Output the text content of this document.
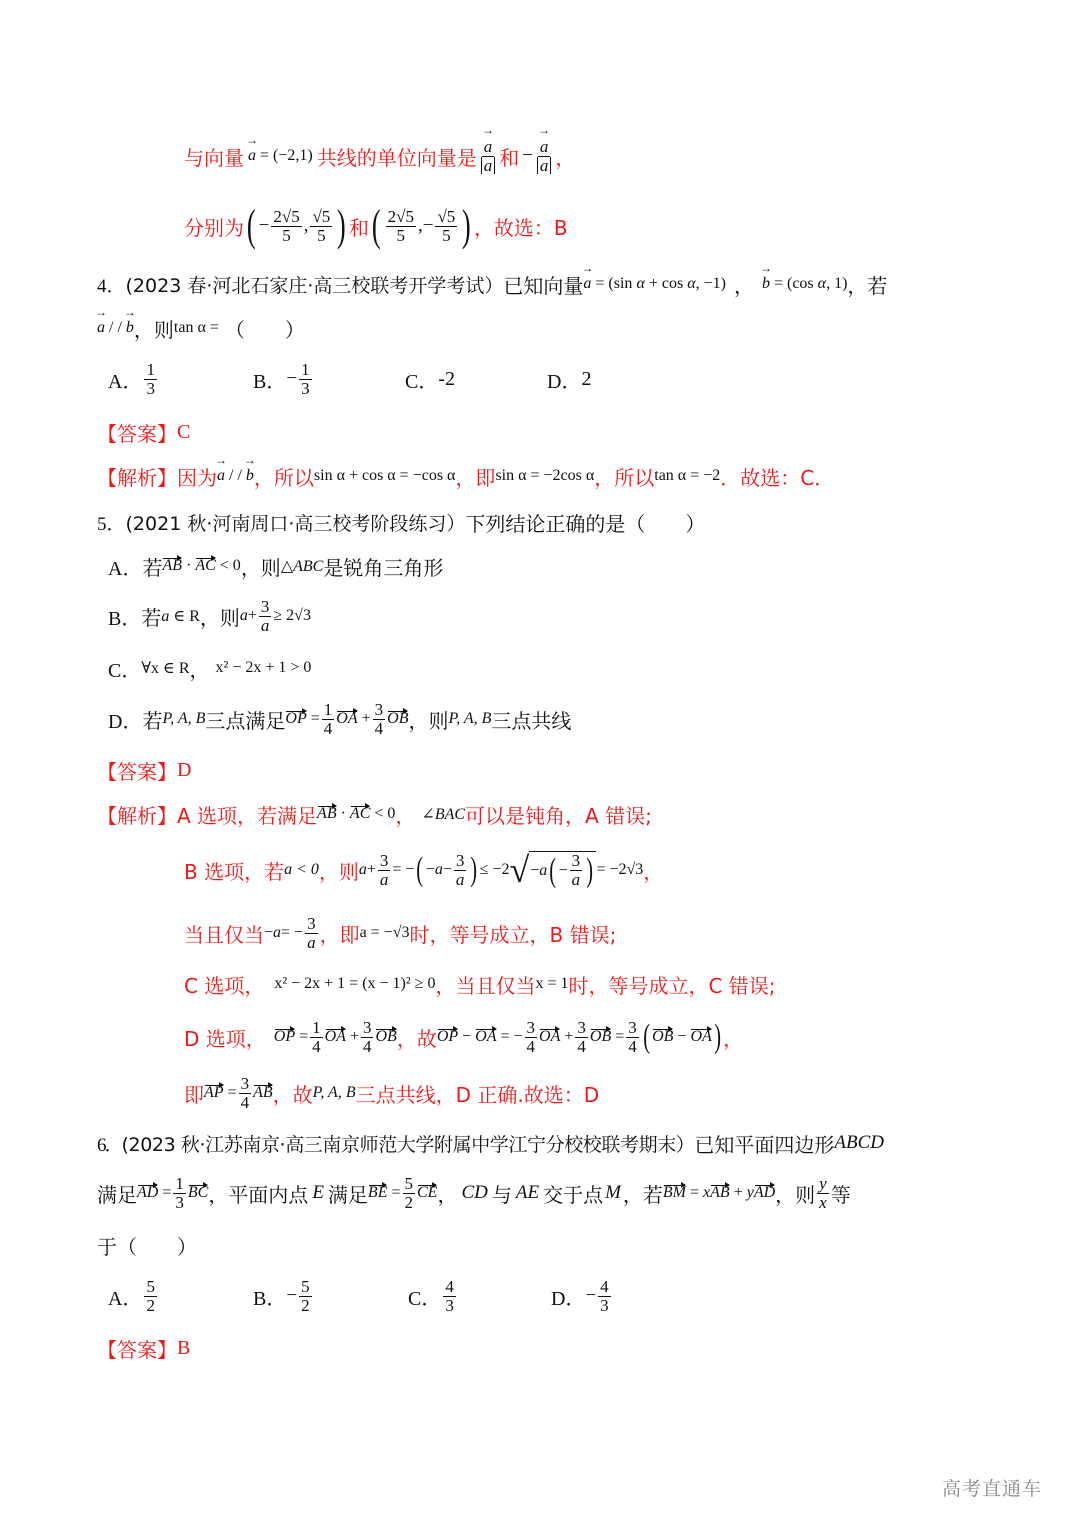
与向量 → a = (−2,1) 共线的单位向量是 → $\frac{a}{a}$ 和 − → $\frac{a}{a}$ ，
分别为 ( − $\frac{2√5}{5}$ , $\frac{√5}{5}$ ) 和 ( $\frac{2√5}{5}$ , − $\frac{√5}{5}$ ) ，故选：B
4． (2023 春·河北石家庄·高三校联考开学考试） 已知向量 → a = (sin α + cos α, −1) ， → b = (cos α, 1) ，若
→ a / / → b ，则 tan α = （　　）
A． $\frac{1}{3}$	B． − $\frac{1}{3}$	C． -2	D． 2
【答案】 C
【解析】 因为 → a / / → b ，所以 sin α + cos α = −cos α ，即 sin α = −2cos α ，所以 tan α = −2 ．故选：C．
5． (2021 秋·河南周口·高三校考阶段练习） 下列结论正确的是（　　）
A． 若 AB · AC < 0 ，则 △ABC 是锐角三角形
B． 若 a ∈ R ，则 $a + \frac{3}{a} \ge 2√3$
C． ∀x ∈ R ， x² − 2x + 1 > 0
D． 若 P, A, B 三点满足 OP = $\frac{1}{4}$ OA + $\frac{3}{4}$ OB ，则 P, A, B 三点共线
【答案】 D
【解析】 A 选项，若满足 AB · AC < 0 ， ∠BAC 可以是钝角，A 错误;
B 选项，若 a < 0 ，则 $a + \frac{3}{a}$ = − ( − $a - \frac{3}{a}$ ) ≤ −2 √ − a ( − $\frac{3}{a}$ ) = −2√3 ，
当且仅当 − a = − $\frac{3}{a}$ ，即 a = −√3 时，等号成立，B 错误;
C 选项， x² − 2x + 1 = (x − 1)² ≥ 0 ，当且仅当 x = 1 时，等号成立，C 错误;
D 选项， OP = $\frac{1}{4}$ OA + $\frac{3}{4}$ OB ，故 OP − OA = − $\frac{3}{4}$ OA + $\frac{3}{4}$ OB = $\frac{3}{4}$ ( OB − OA ) ，
即 AP = $\frac{3}{4}$ AB ，故 P, A, B 三点共线，D 正确.故选：D
6． (2023 秋·江苏南京·高三南京师范大学附属中学江宁分校校联考期末） 已知平面四边形 ABCD
满足 AD = $\frac{1}{3}$ BC ，平面内点 E 满足 BE = $\frac{5}{2}$ CE ， CD 与 AE 交于点 M ，若 BM = xAB + yAD ，则 $\frac{y}{x}$ 等
于（　　）
A． $\frac{5}{2}$	B． − $\frac{5}{2}$	C． $\frac{4}{3}$	D． − $\frac{4}{3}$
【答案】 B
高考直通车
